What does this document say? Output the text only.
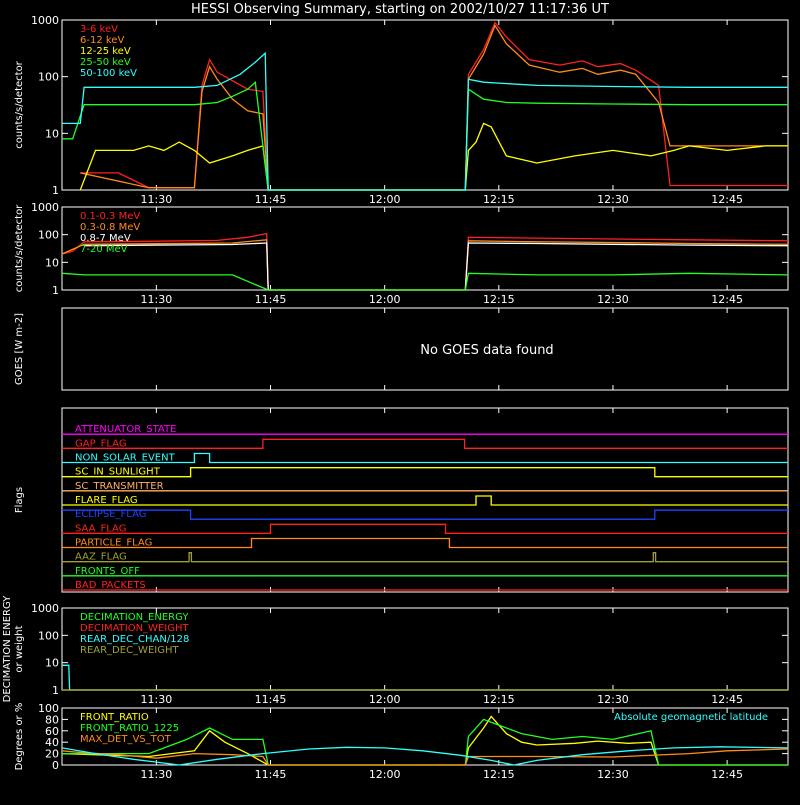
HESSI Observing Summary, starting on 2002/10/27 11:17:36 UT
11:30	11:45	12:00	12:15	12:30	12:45
counts/s/detector
1
10
100
1000
3-6 keV
6-12 keV
12-25 keV
25-50 keV
50-100 keV
11:30	11:45	12:00	12:15	12:30	12:45
counts/s/detector 1
10
100
1000
0.1-0.3 MeV
0.3-0.8 MeV
0.8-7 MeV
7-20 MeV
GOES [W m-2]	No GOES data found
Flags
ATTENUATOR_STATE
GAP_FLAG
NON_SOLAR_EVENT
SC_IN_SUNLIGHT
SC_TRANSMITTER
FLARE_FLAG
ECLIPSE_FLAG
SAA_FLAG
PARTICLE_FLAG
AAZ_FLAG
FRONTS_OFF
BAD_PACKETS
11:30	11:45	12:00	12:15	12:30	12:45
DECIMATION ENERGY or weight
1
10
100
1000
DECIMATION_ENERGY
DECIMATION_WEIGHT
REAR_DEC_CHAN/128
REAR_DEC_WEIGHT
11:30	11:45	12:00	12:15	12:30	12:45
Degrees or % 0
20
40
60
80
100
FRONT_RATIO
FRONT_RATIO_1225
MAX_DET_VS_TOT
Absolute geomagnetic latitude
